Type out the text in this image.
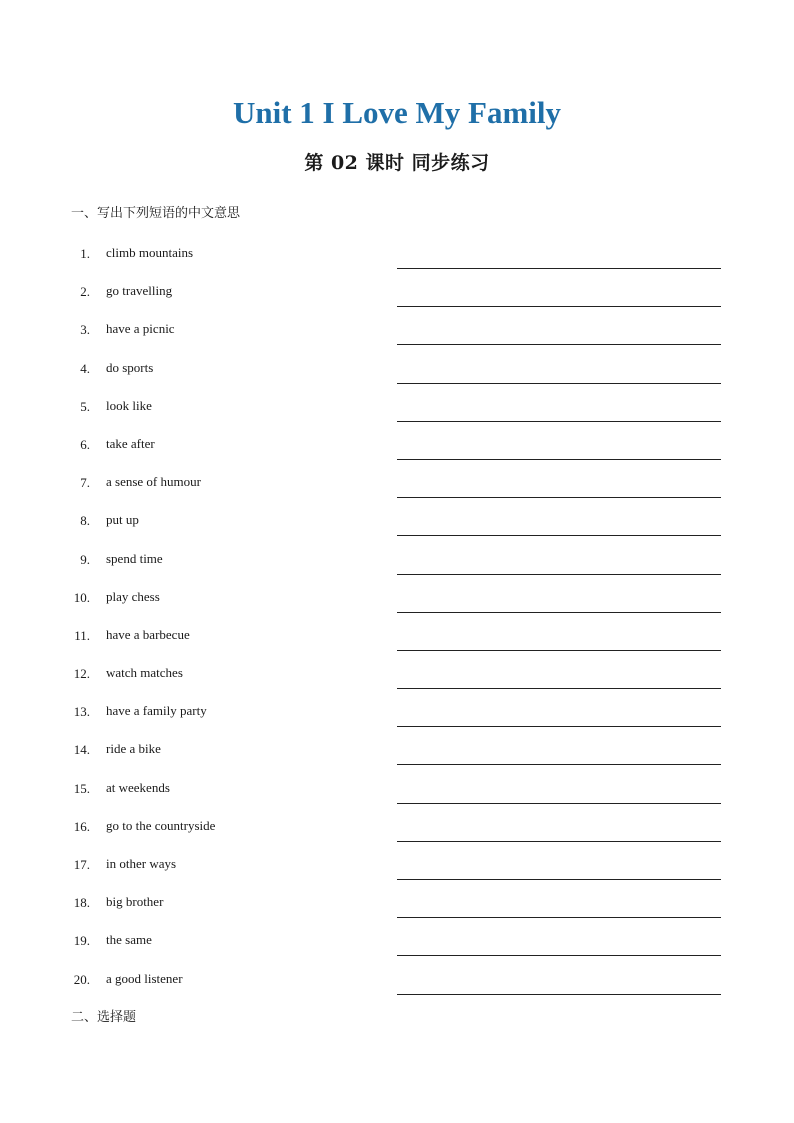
Unit 1 I Love My Family
第 02 课时 同步练习
一、写出下列短语的中文意思
1. climb mountains
2. go travelling
3. have a picnic
4. do sports
5. look like
6. take after
7. a sense of humour
8. put up
9. spend time
10. play chess
11. have a barbecue
12. watch matches
13. have a family party
14. ride a bike
15. at weekends
16. go to the countryside
17. in other ways
18. big brother
19. the same
20. a good listener
二、选择题
